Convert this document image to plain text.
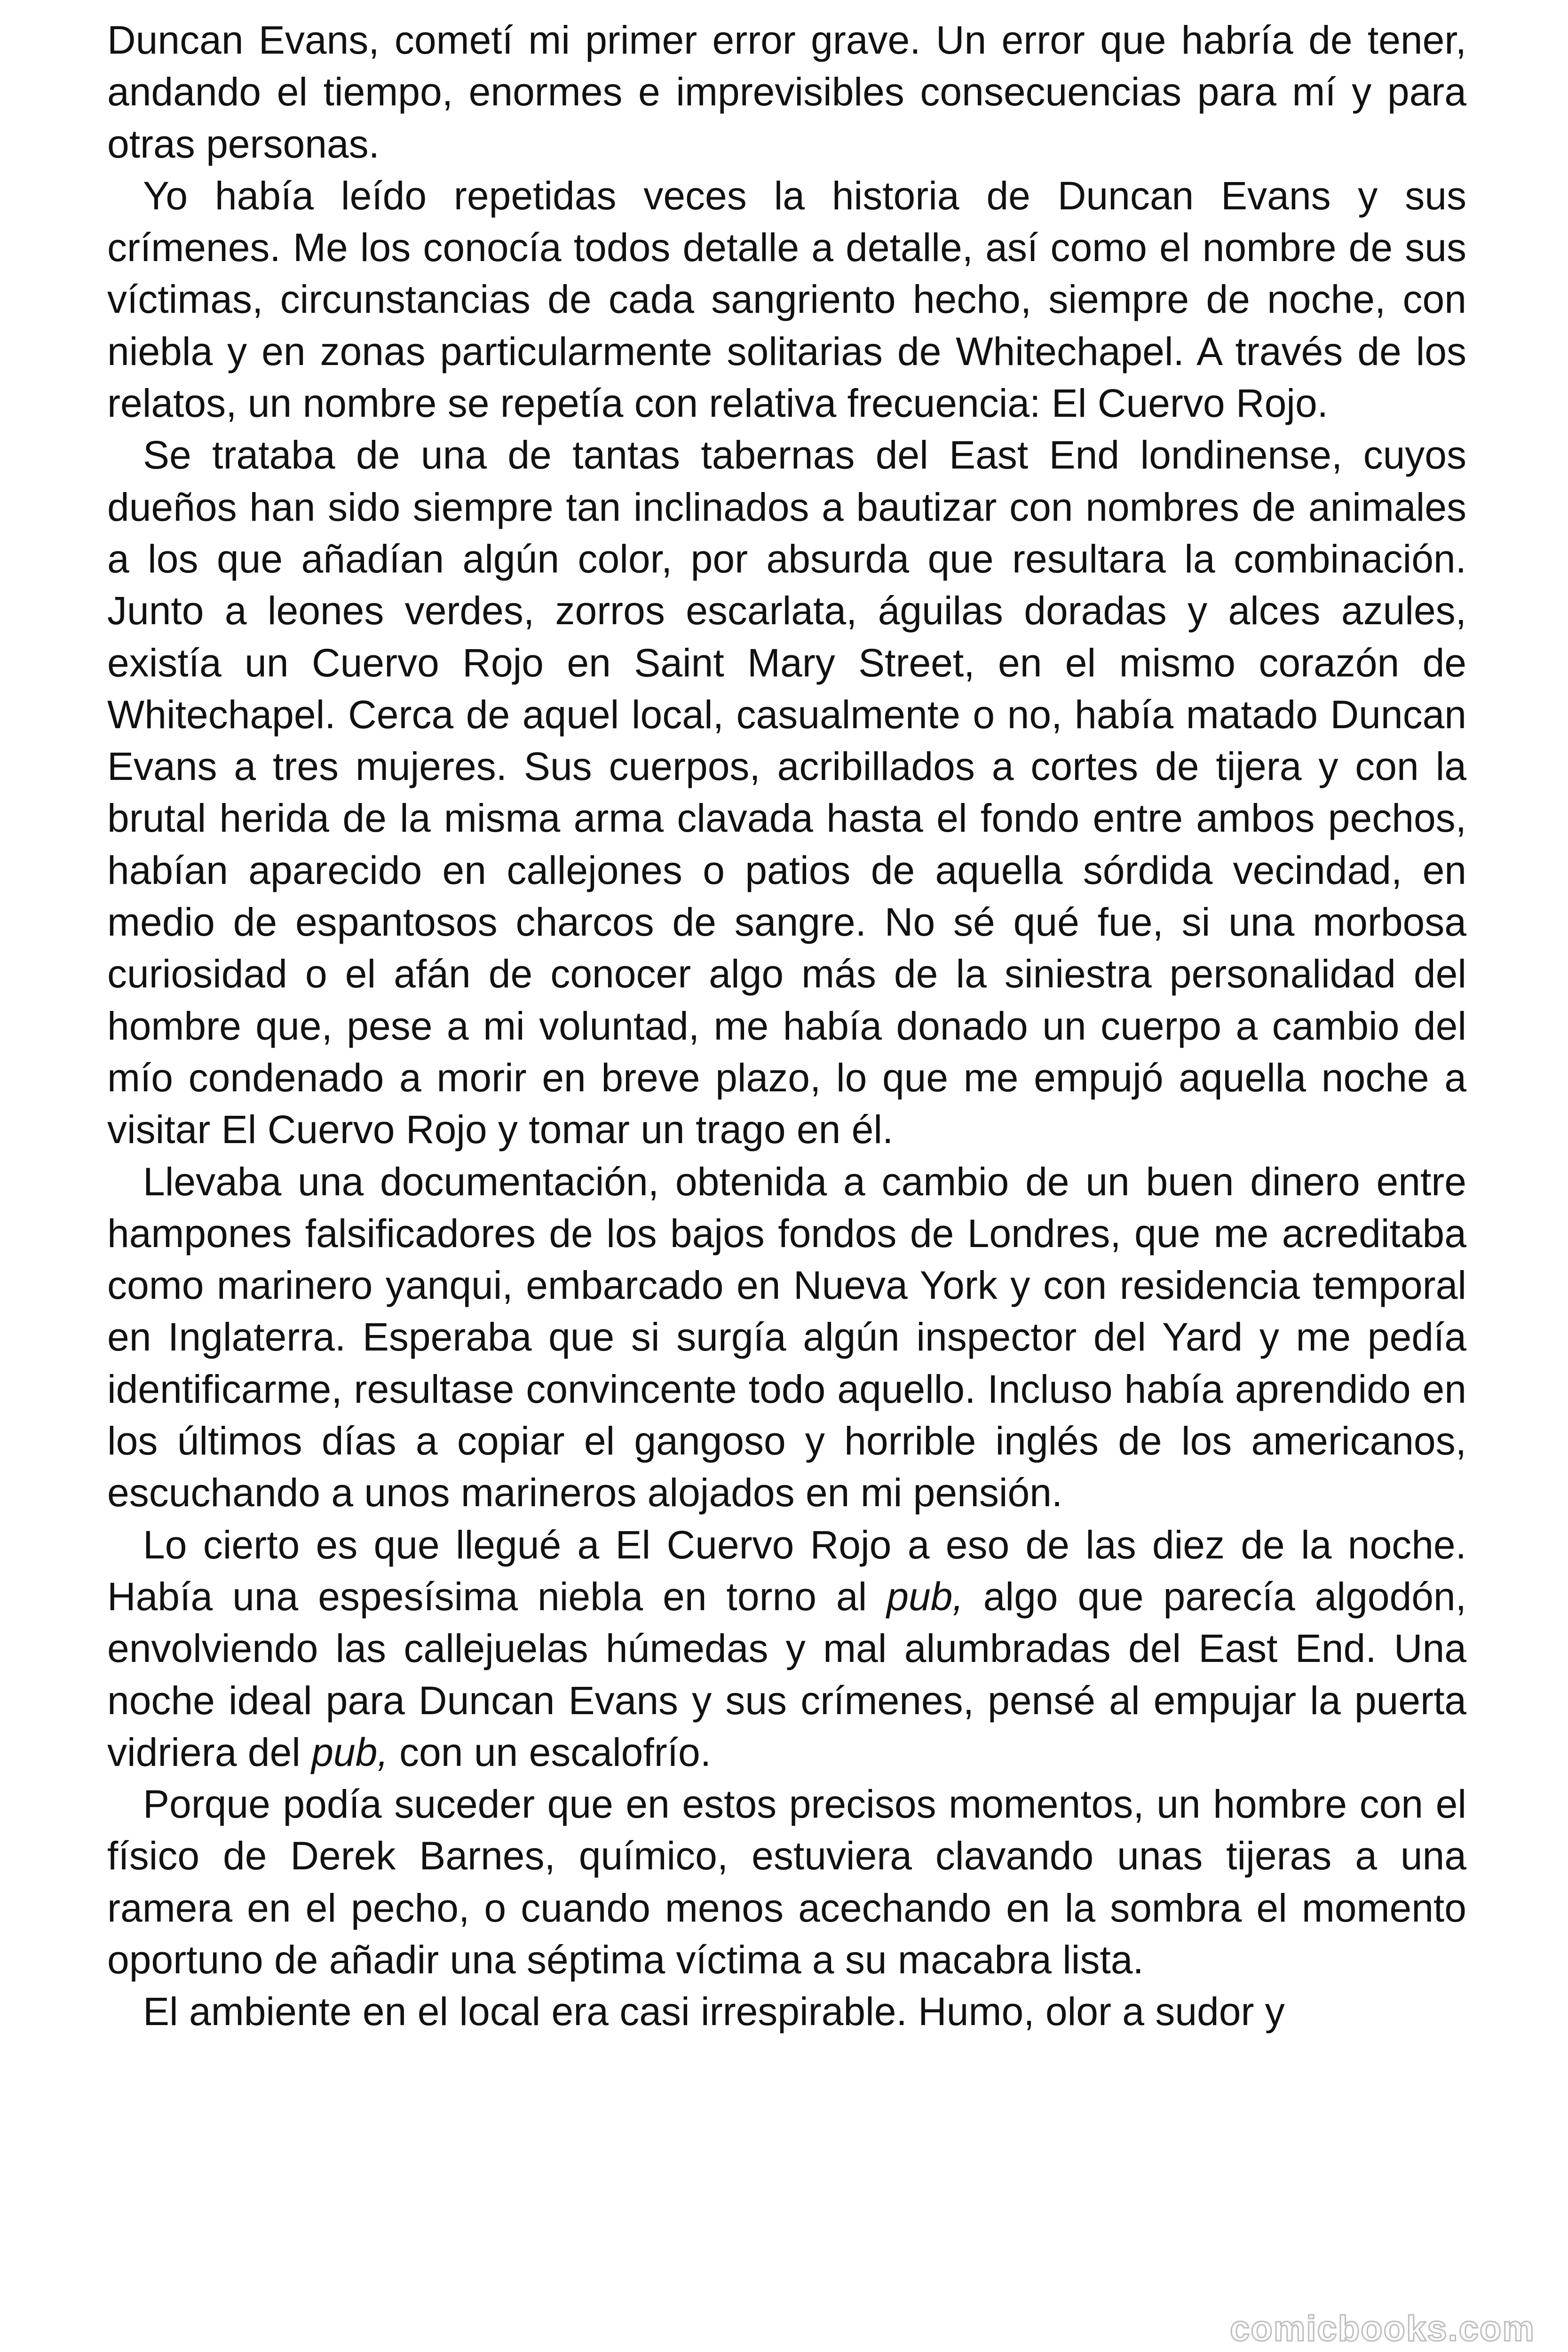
Duncan Evans, cometí mi primer error grave. Un error que habría de tener, andando el tiempo, enormes e imprevisibles consecuencias para mí y para otras personas.

Yo había leído repetidas veces la historia de Duncan Evans y sus crímenes. Me los conocía todos detalle a detalle, así como el nombre de sus víctimas, circunstancias de cada sangriento hecho, siempre de noche, con niebla y en zonas particularmente solitarias de Whitechapel. A través de los relatos, un nombre se repetía con relativa frecuencia: El Cuervo Rojo.

Se trataba de una de tantas tabernas del East End londinense, cuyos dueños han sido siempre tan inclinados a bautizar con nombres de animales a los que añadían algún color, por absurda que resultara la combinación. Junto a leones verdes, zorros escarlata, águilas doradas y alces azules, existía un Cuervo Rojo en Saint Mary Street, en el mismo corazón de Whitechapel. Cerca de aquel local, casualmente o no, había matado Duncan Evans a tres mujeres. Sus cuerpos, acribillados a cortes de tijera y con la brutal herida de la misma arma clavada hasta el fondo entre ambos pechos, habían aparecido en callejones o patios de aquella sórdida vecindad, en medio de espantosos charcos de sangre. No sé qué fue, si una morbosa curiosidad o el afán de conocer algo más de la siniestra personalidad del hombre que, pese a mi voluntad, me había donado un cuerpo a cambio del mío condenado a morir en breve plazo, lo que me empujó aquella noche a visitar El Cuervo Rojo y tomar un trago en él.

Llevaba una documentación, obtenida a cambio de un buen dinero entre hampones falsificadores de los bajos fondos de Londres, que me acreditaba como marinero yanqui, embarcado en Nueva York y con residencia temporal en Inglaterra. Esperaba que si surgía algún inspector del Yard y me pedía identificarme, resultase convincente todo aquello. Incluso había aprendido en los últimos días a copiar el gangoso y horrible inglés de los americanos, escuchando a unos marineros alojados en mi pensión.

Lo cierto es que llegué a El Cuervo Rojo a eso de las diez de la noche. Había una espesísima niebla en torno al pub, algo que parecía algodón, envolviendo las callejuelas húmedas y mal alumbradas del East End. Una noche ideal para Duncan Evans y sus crímenes, pensé al empujar la puerta vidriera del pub, con un escalofrío.

Porque podía suceder que en estos precisos momentos, un hombre con el físico de Derek Barnes, químico, estuviera clavando unas tijeras a una ramera en el pecho, o cuando menos acechando en la sombra el momento oportuno de añadir una séptima víctima a su macabra lista.

El ambiente en el local era casi irrespirable. Humo, olor a sudor y

comicbooks.com
